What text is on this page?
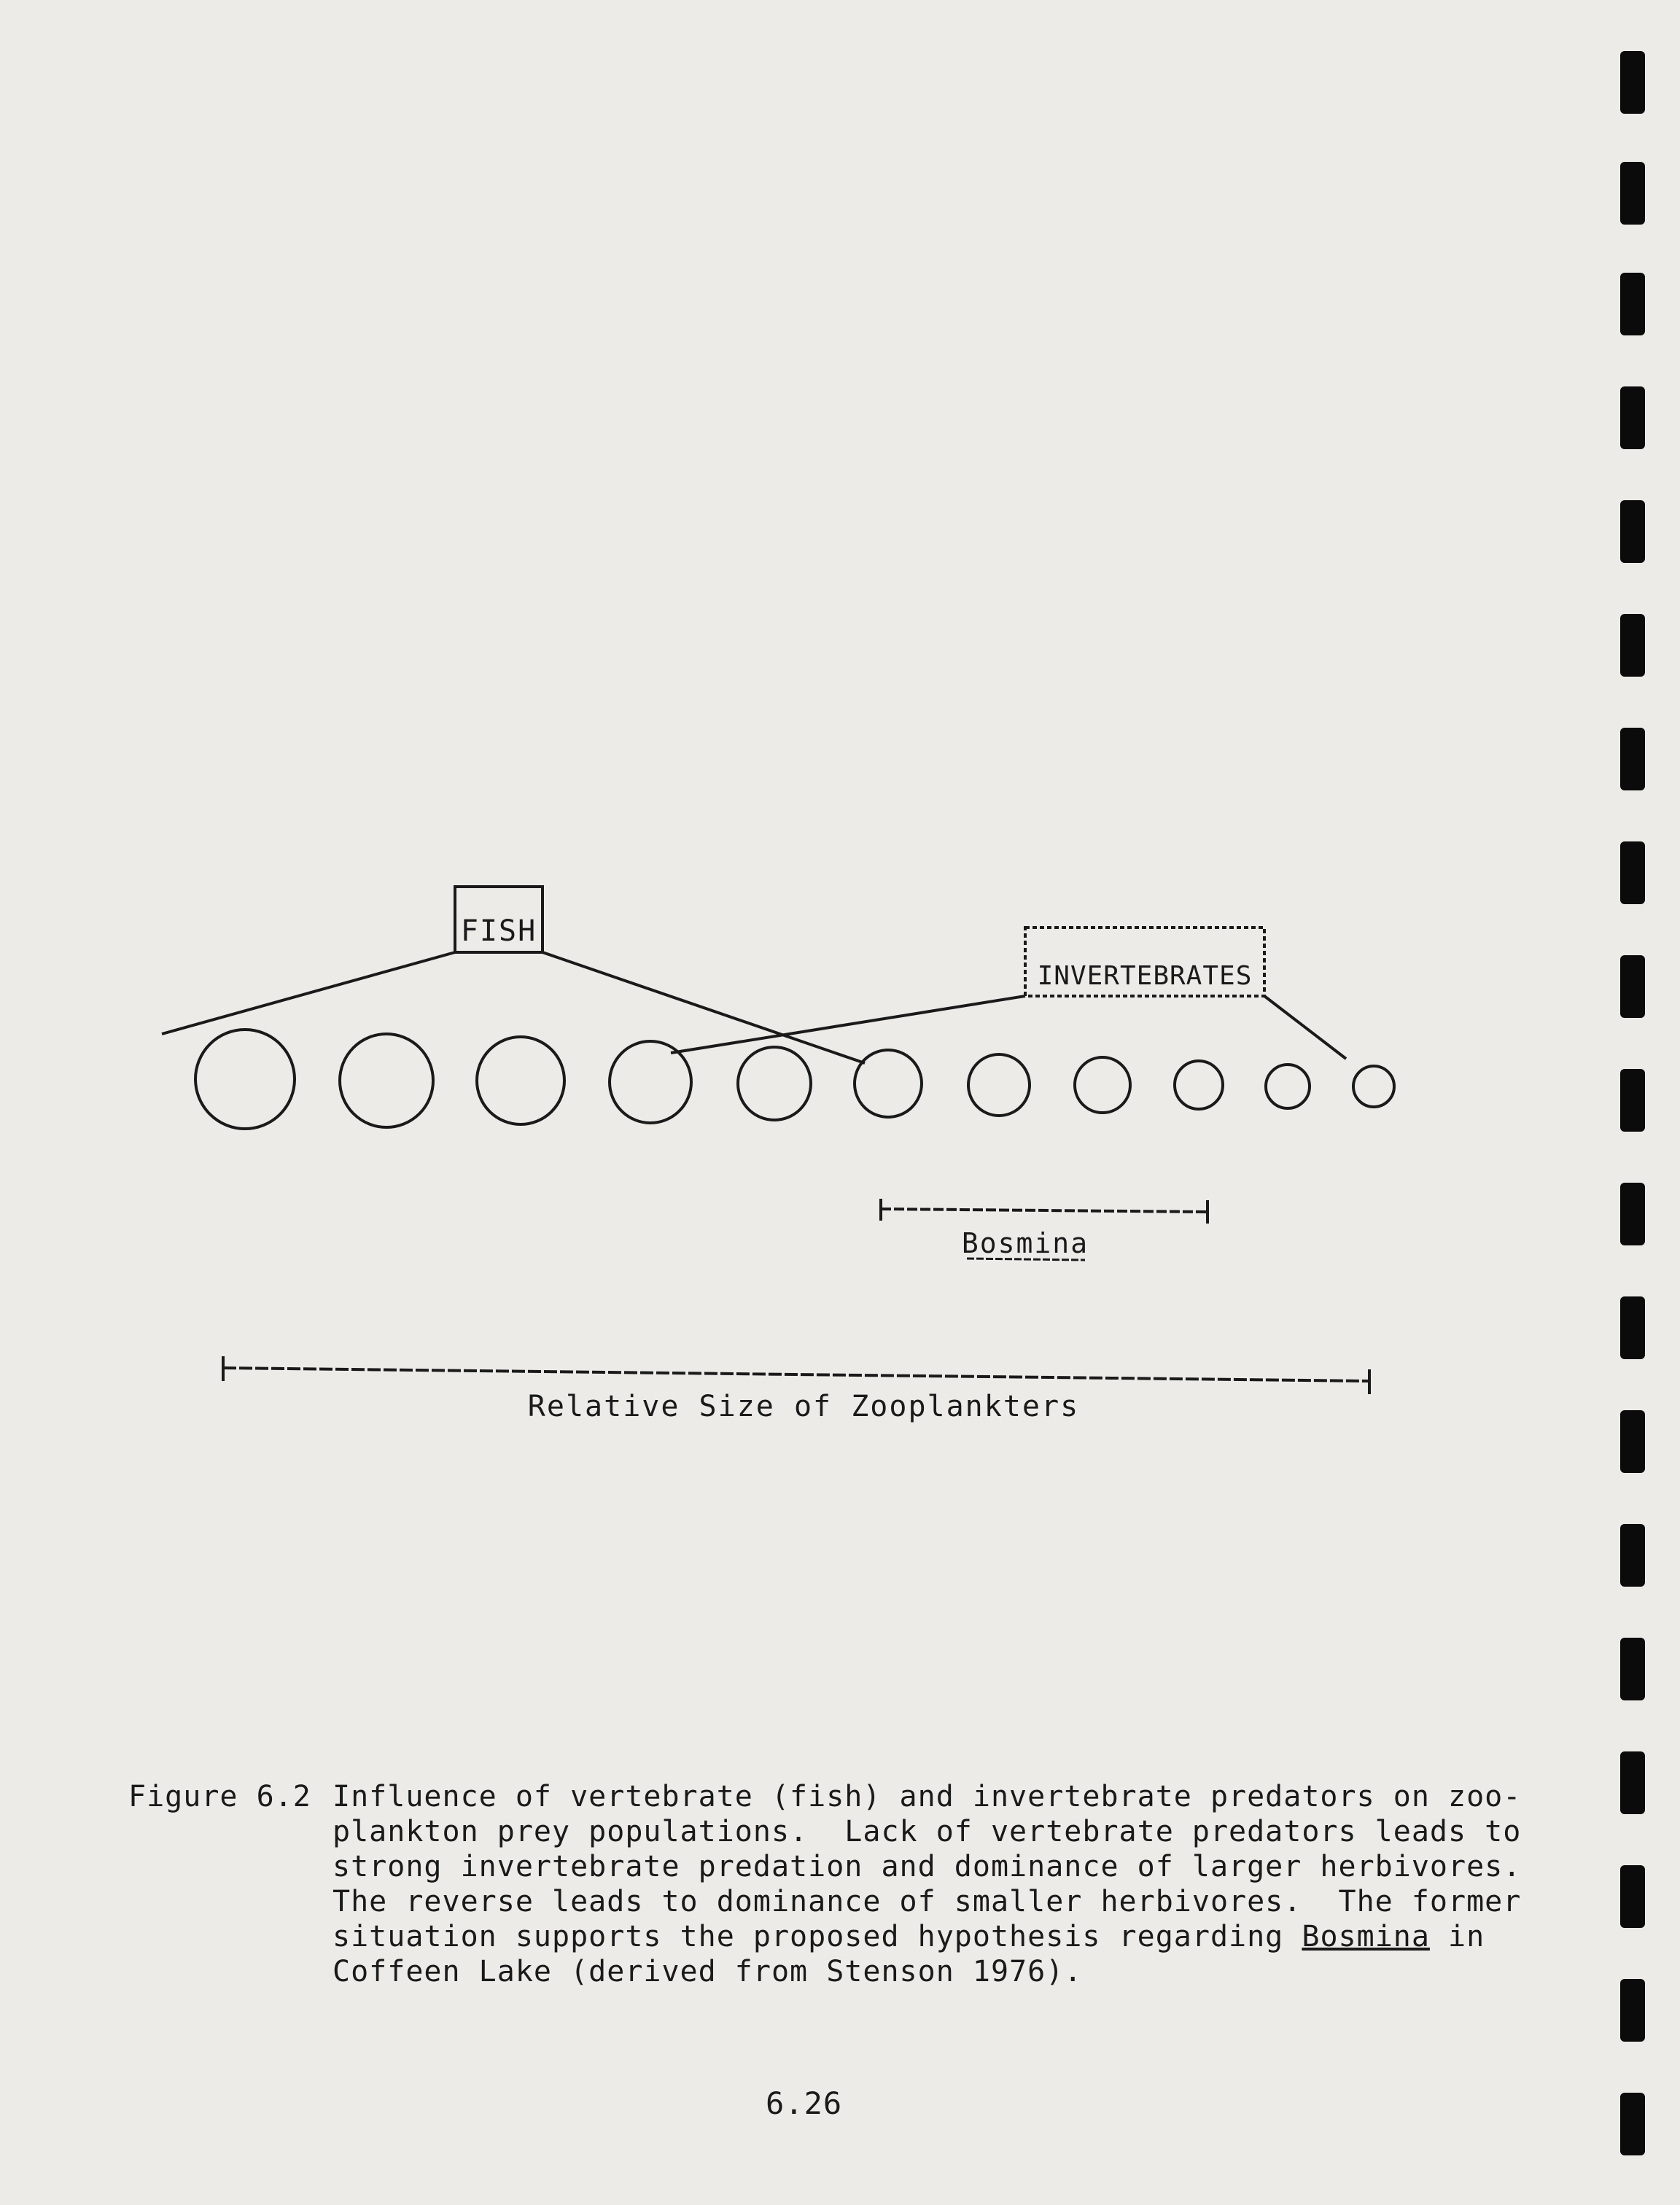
FISH
INVERTEBRATES
Bosmina
Relative Size of Zooplankters

Figure 6.2

Influence of vertebrate (fish) and invertebrate predators on zoo-plankton prey populations.  Lack of vertebrate predators leads to strong invertebrate predation and dominance of larger herbivores. The reverse leads to dominance of smaller herbivores.  The former situation supports the proposed hypothesis regarding Bosmina in Coffeen Lake (derived from Stenson 1976).

6.26
